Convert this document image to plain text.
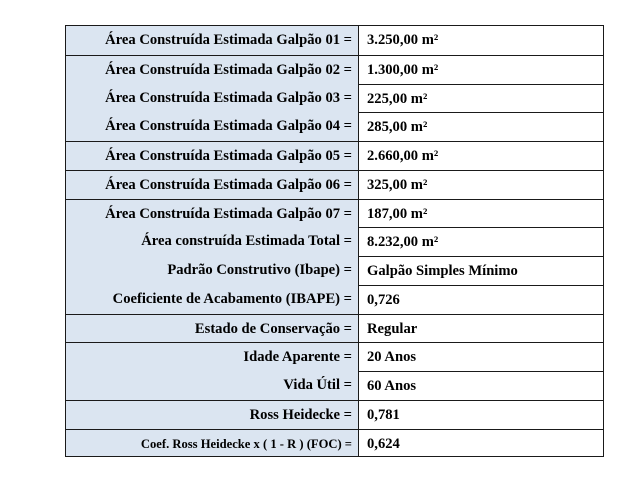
Área Construída Estimada Galpão 01 =	3.250,00 m²
Área Construída Estimada Galpão 02 =	1.300,00 m²
Área Construída Estimada Galpão 03 =	225,00 m²
Área Construída Estimada Galpão 04 =	285,00 m²
Área Construída Estimada Galpão 05 =	2.660,00 m²
Área Construída Estimada Galpão 06 =	325,00 m²
Área Construída Estimada Galpão 07 =	187,00 m²
Área construída Estimada Total =	8.232,00 m²
Padrão Construtivo (Ibape) =	Galpão Simples Mínimo
Coeficiente de Acabamento (IBAPE) =	0,726
Estado de Conservação =	Regular
Idade Aparente =	20 Anos
Vida Útil =	60 Anos
Ross Heidecke =	0,781
Coef. Ross Heidecke x ( 1 - R ) (FOC) =	0,624
